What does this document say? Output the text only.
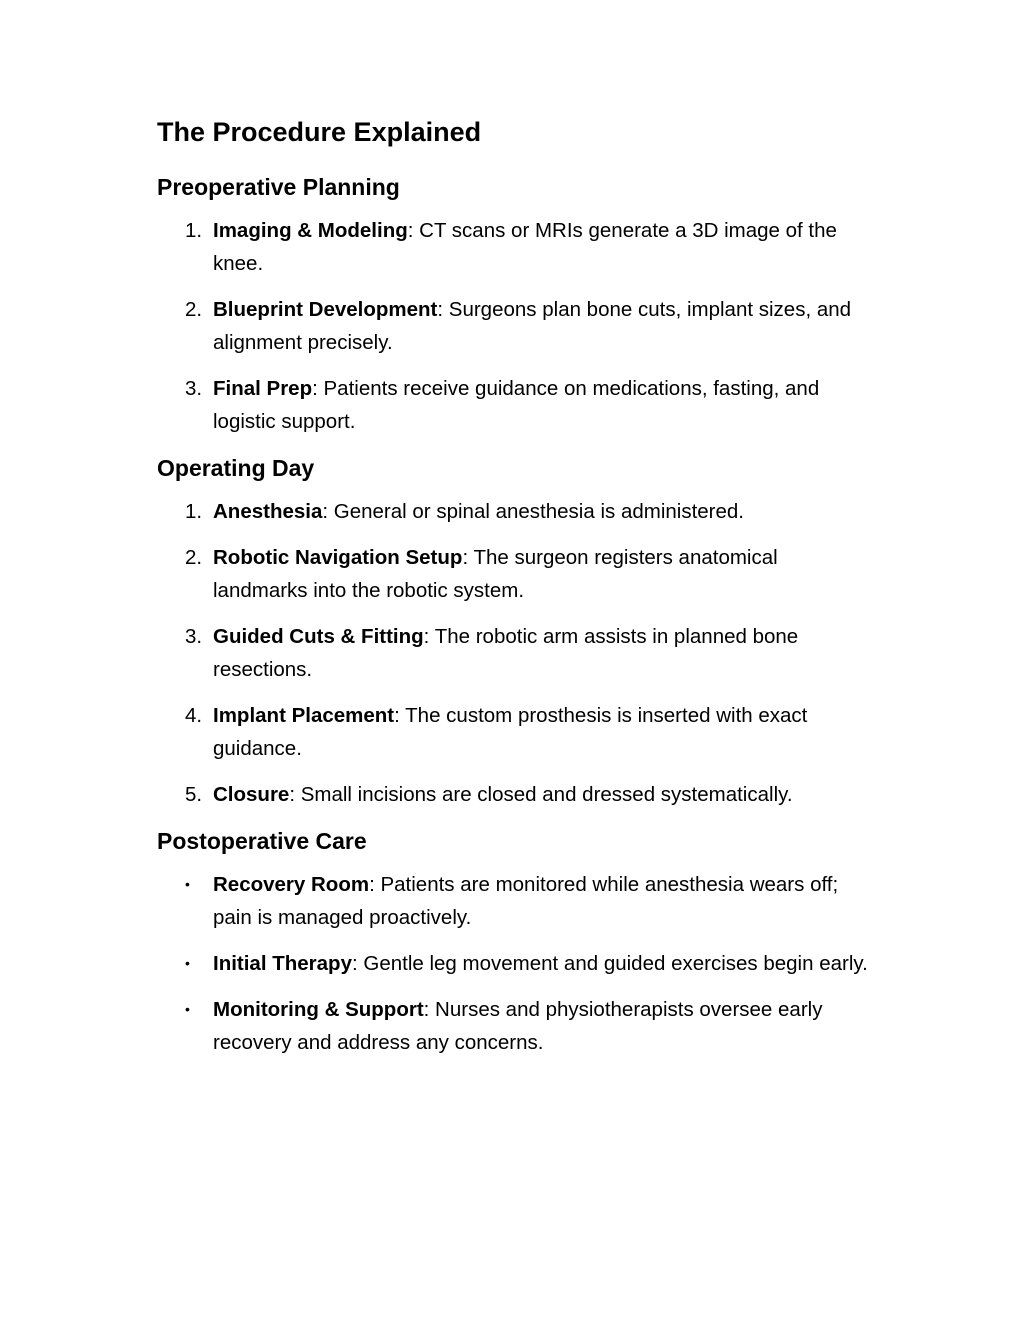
The Procedure Explained
Preoperative Planning
1. Imaging & Modeling: CT scans or MRIs generate a 3D image of the knee.
2. Blueprint Development: Surgeons plan bone cuts, implant sizes, and alignment precisely.
3. Final Prep: Patients receive guidance on medications, fasting, and logistic support.
Operating Day
1. Anesthesia: General or spinal anesthesia is administered.
2. Robotic Navigation Setup: The surgeon registers anatomical landmarks into the robotic system.
3. Guided Cuts & Fitting: The robotic arm assists in planned bone resections.
4. Implant Placement: The custom prosthesis is inserted with exact guidance.
5. Closure: Small incisions are closed and dressed systematically.
Postoperative Care
• Recovery Room: Patients are monitored while anesthesia wears off; pain is managed proactively.
• Initial Therapy: Gentle leg movement and guided exercises begin early.
• Monitoring & Support: Nurses and physiotherapists oversee early recovery and address any concerns.
